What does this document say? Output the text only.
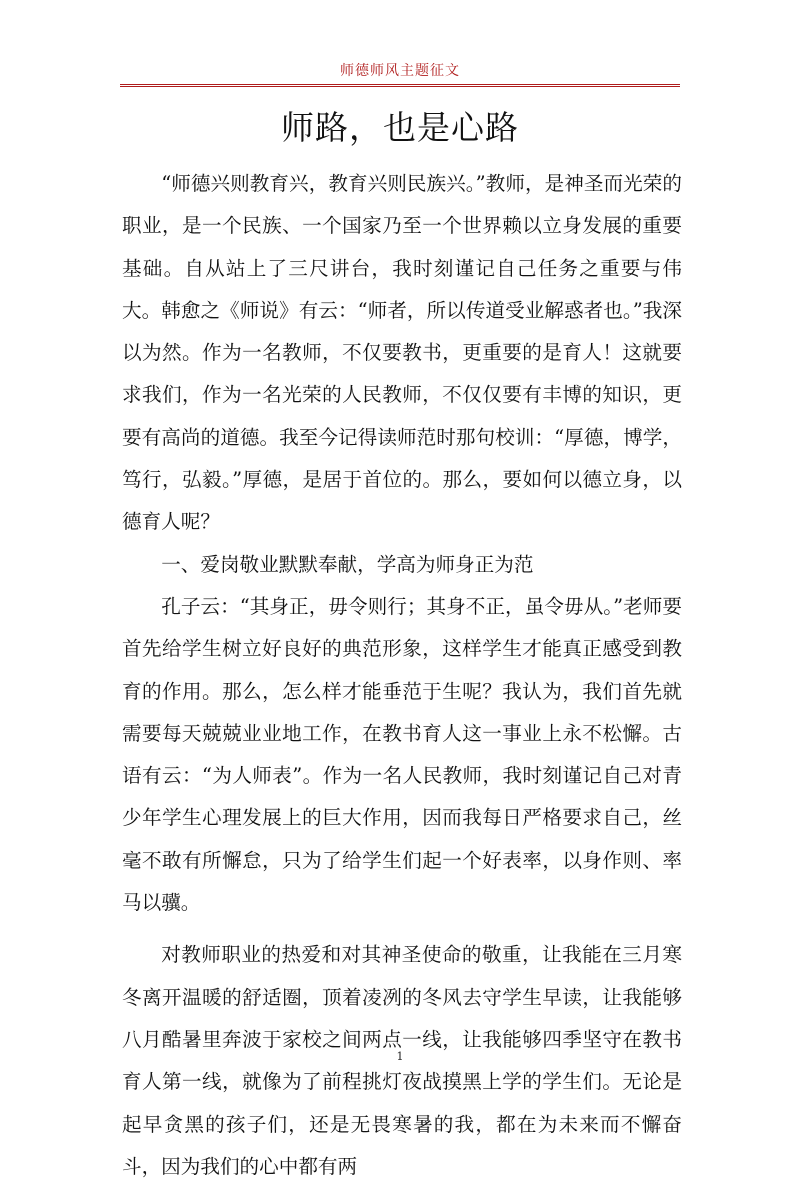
师德师风主题征文
师路，也是心路

“师德兴则教育兴，教育兴则民族兴。”教师，是神圣而光荣的职业，是一个民族、一个国家乃至一个世界赖以立身发展的重要基础。自从站上了三尺讲台，我时刻谨记自己任务之重要与伟大。韩愈之《师说》有云：“师者，所以传道受业解惑者也。”我深以为然。作为一名教师，不仅要教书，更重要的是育人！这就要求我们，作为一名光荣的人民教师，不仅仅要有丰博的知识，更要有高尚的道德。我至今记得读师范时那句校训：“厚德，博学，笃行，弘毅。”厚德，是居于首位的。那么，要如何以德立身，以德育人呢？

一、爱岗敬业默默奉献，学高为师身正为范

孔子云：“其身正，毋令则行；其身不正，虽令毋从。”老师要首先给学生树立好良好的典范形象，这样学生才能真正感受到教育的作用。那么，怎么样才能垂范于生呢？我认为，我们首先就需要每天兢兢业业地工作，在教书育人这一事业上永不松懈。古语有云：“为人师表”。作为一名人民教师，我时刻谨记自己对青少年学生心理发展上的巨大作用，因而我每日严格要求自己，丝毫不敢有所懈怠，只为了给学生们起一个好表率，以身作则、率马以骥。

对教师职业的热爱和对其神圣使命的敬重，让我能在三月寒冬离开温暖的舒适圈，顶着凌冽的冬风去守学生早读，让我能够八月酷暑里奔波于家校之间两点一线，让我能够四季坚守在教书育人第一线，就像为了前程挑灯夜战摸黑上学的学生们。无论是起早贪黑的孩子们，还是无畏寒暑的我，都在为未来而不懈奋斗，因为我们的心中都有两

1
